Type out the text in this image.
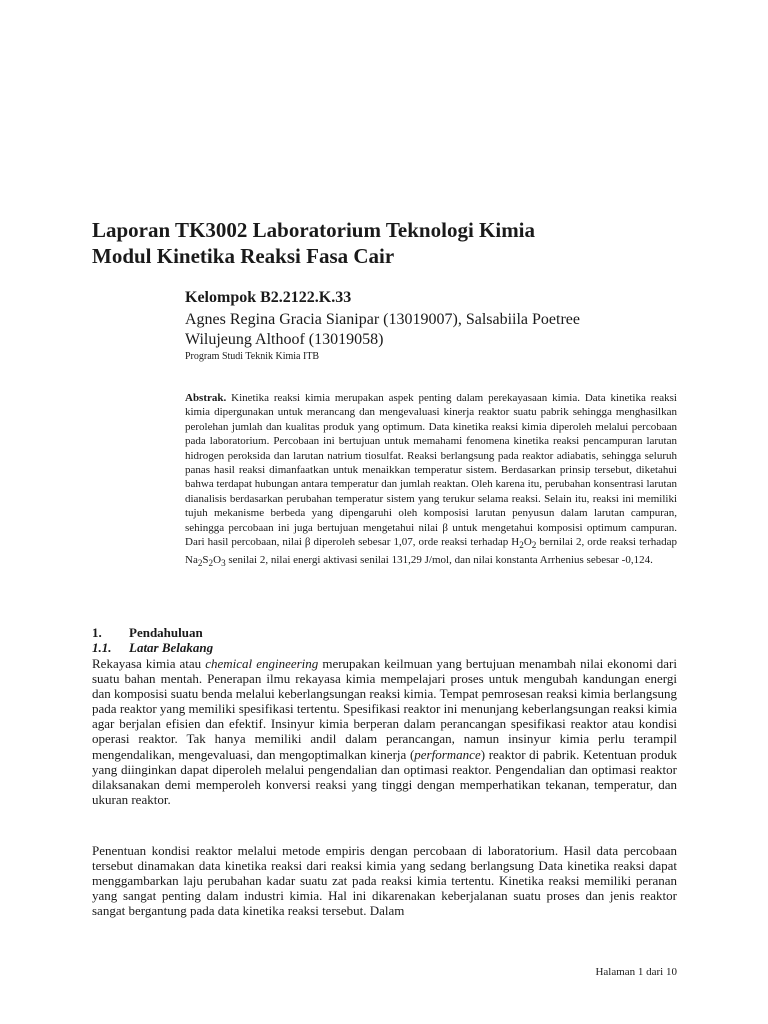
Laporan TK3002 Laboratorium Teknologi Kimia
Modul Kinetika Reaksi Fasa Cair

Kelompok B2.2122.K.33

Agnes Regina Gracia Sianipar (13019007), Salsabiila Poetree
Wilujeung Althoof (13019058)

Program Studi Teknik Kimia ITB

Abstrak. Kinetika reaksi kimia merupakan aspek penting dalam perekayasaan kimia. Data kinetika reaksi kimia dipergunakan untuk merancang dan mengevaluasi kinerja reaktor suatu pabrik sehingga menghasilkan perolehan jumlah dan kualitas produk yang optimum. Data kinetika reaksi kimia diperoleh melalui percobaan pada laboratorium. Percobaan ini bertujuan untuk memahami fenomena kinetika reaksi pencampuran larutan hidrogen peroksida dan larutan natrium tiosulfat. Reaksi berlangsung pada reaktor adiabatis, sehingga seluruh panas hasil reaksi dimanfaatkan untuk menaikkan temperatur sistem. Berdasarkan prinsip tersebut, diketahui bahwa terdapat hubungan antara temperatur dan jumlah reaktan. Oleh karena itu, perubahan konsentrasi larutan dianalisis berdasarkan perubahan temperatur sistem yang terukur selama reaksi. Selain itu, reaksi ini memiliki tujuh mekanisme berbeda yang dipengaruhi oleh komposisi larutan penyusun dalam larutan campuran, sehingga percobaan ini juga bertujuan mengetahui nilai β untuk mengetahui komposisi optimum campuran. Dari hasil percobaan, nilai β diperoleh sebesar 1,07, orde reaksi terhadap $H_2O_2$ bernilai 2, orde reaksi terhadap $Na_2S_2O_3$ senilai 2, nilai energi aktivasi senilai 131,29 J/mol, dan nilai konstanta Arrhenius sebesar -0,124.

1. Pendahuluan
1.1. Latar Belakang

Rekayasa kimia atau chemical engineering merupakan keilmuan yang bertujuan menambah nilai ekonomi dari suatu bahan mentah. Penerapan ilmu rekayasa kimia mempelajari proses untuk mengubah kandungan energi dan komposisi suatu benda melalui keberlangsungan reaksi kimia. Tempat pemrosesan reaksi kimia berlangsung pada reaktor yang memiliki spesifikasi tertentu. Spesifikasi reaktor ini menunjang keberlangsungan reaksi kimia agar berjalan efisien dan efektif. Insinyur kimia berperan dalam perancangan spesifikasi reaktor atau kondisi operasi reaktor. Tak hanya memiliki andil dalam perancangan, namun insinyur kimia perlu terampil mengendalikan, mengevaluasi, dan mengoptimalkan kinerja (performance) reaktor di pabrik. Ketentuan produk yang diinginkan dapat diperoleh melalui pengendalian dan optimasi reaktor. Pengendalian dan optimasi reaktor dilaksanakan demi memperoleh konversi reaksi yang tinggi dengan memperhatikan tekanan, temperatur, dan ukuran reaktor.

Penentuan kondisi reaktor melalui metode empiris dengan percobaan di laboratorium. Hasil data percobaan tersebut dinamakan data kinetika reaksi dari reaksi kimia yang sedang berlangsung Data kinetika reaksi dapat menggambarkan laju perubahan kadar suatu zat pada reaksi kimia tertentu. Kinetika reaksi memiliki peranan yang sangat penting dalam industri kimia. Hal ini dikarenakan keberjalanan suatu proses dan jenis reaktor sangat bergantung pada data kinetika reaksi tersebut. Dalam

Halaman 1 dari 10
